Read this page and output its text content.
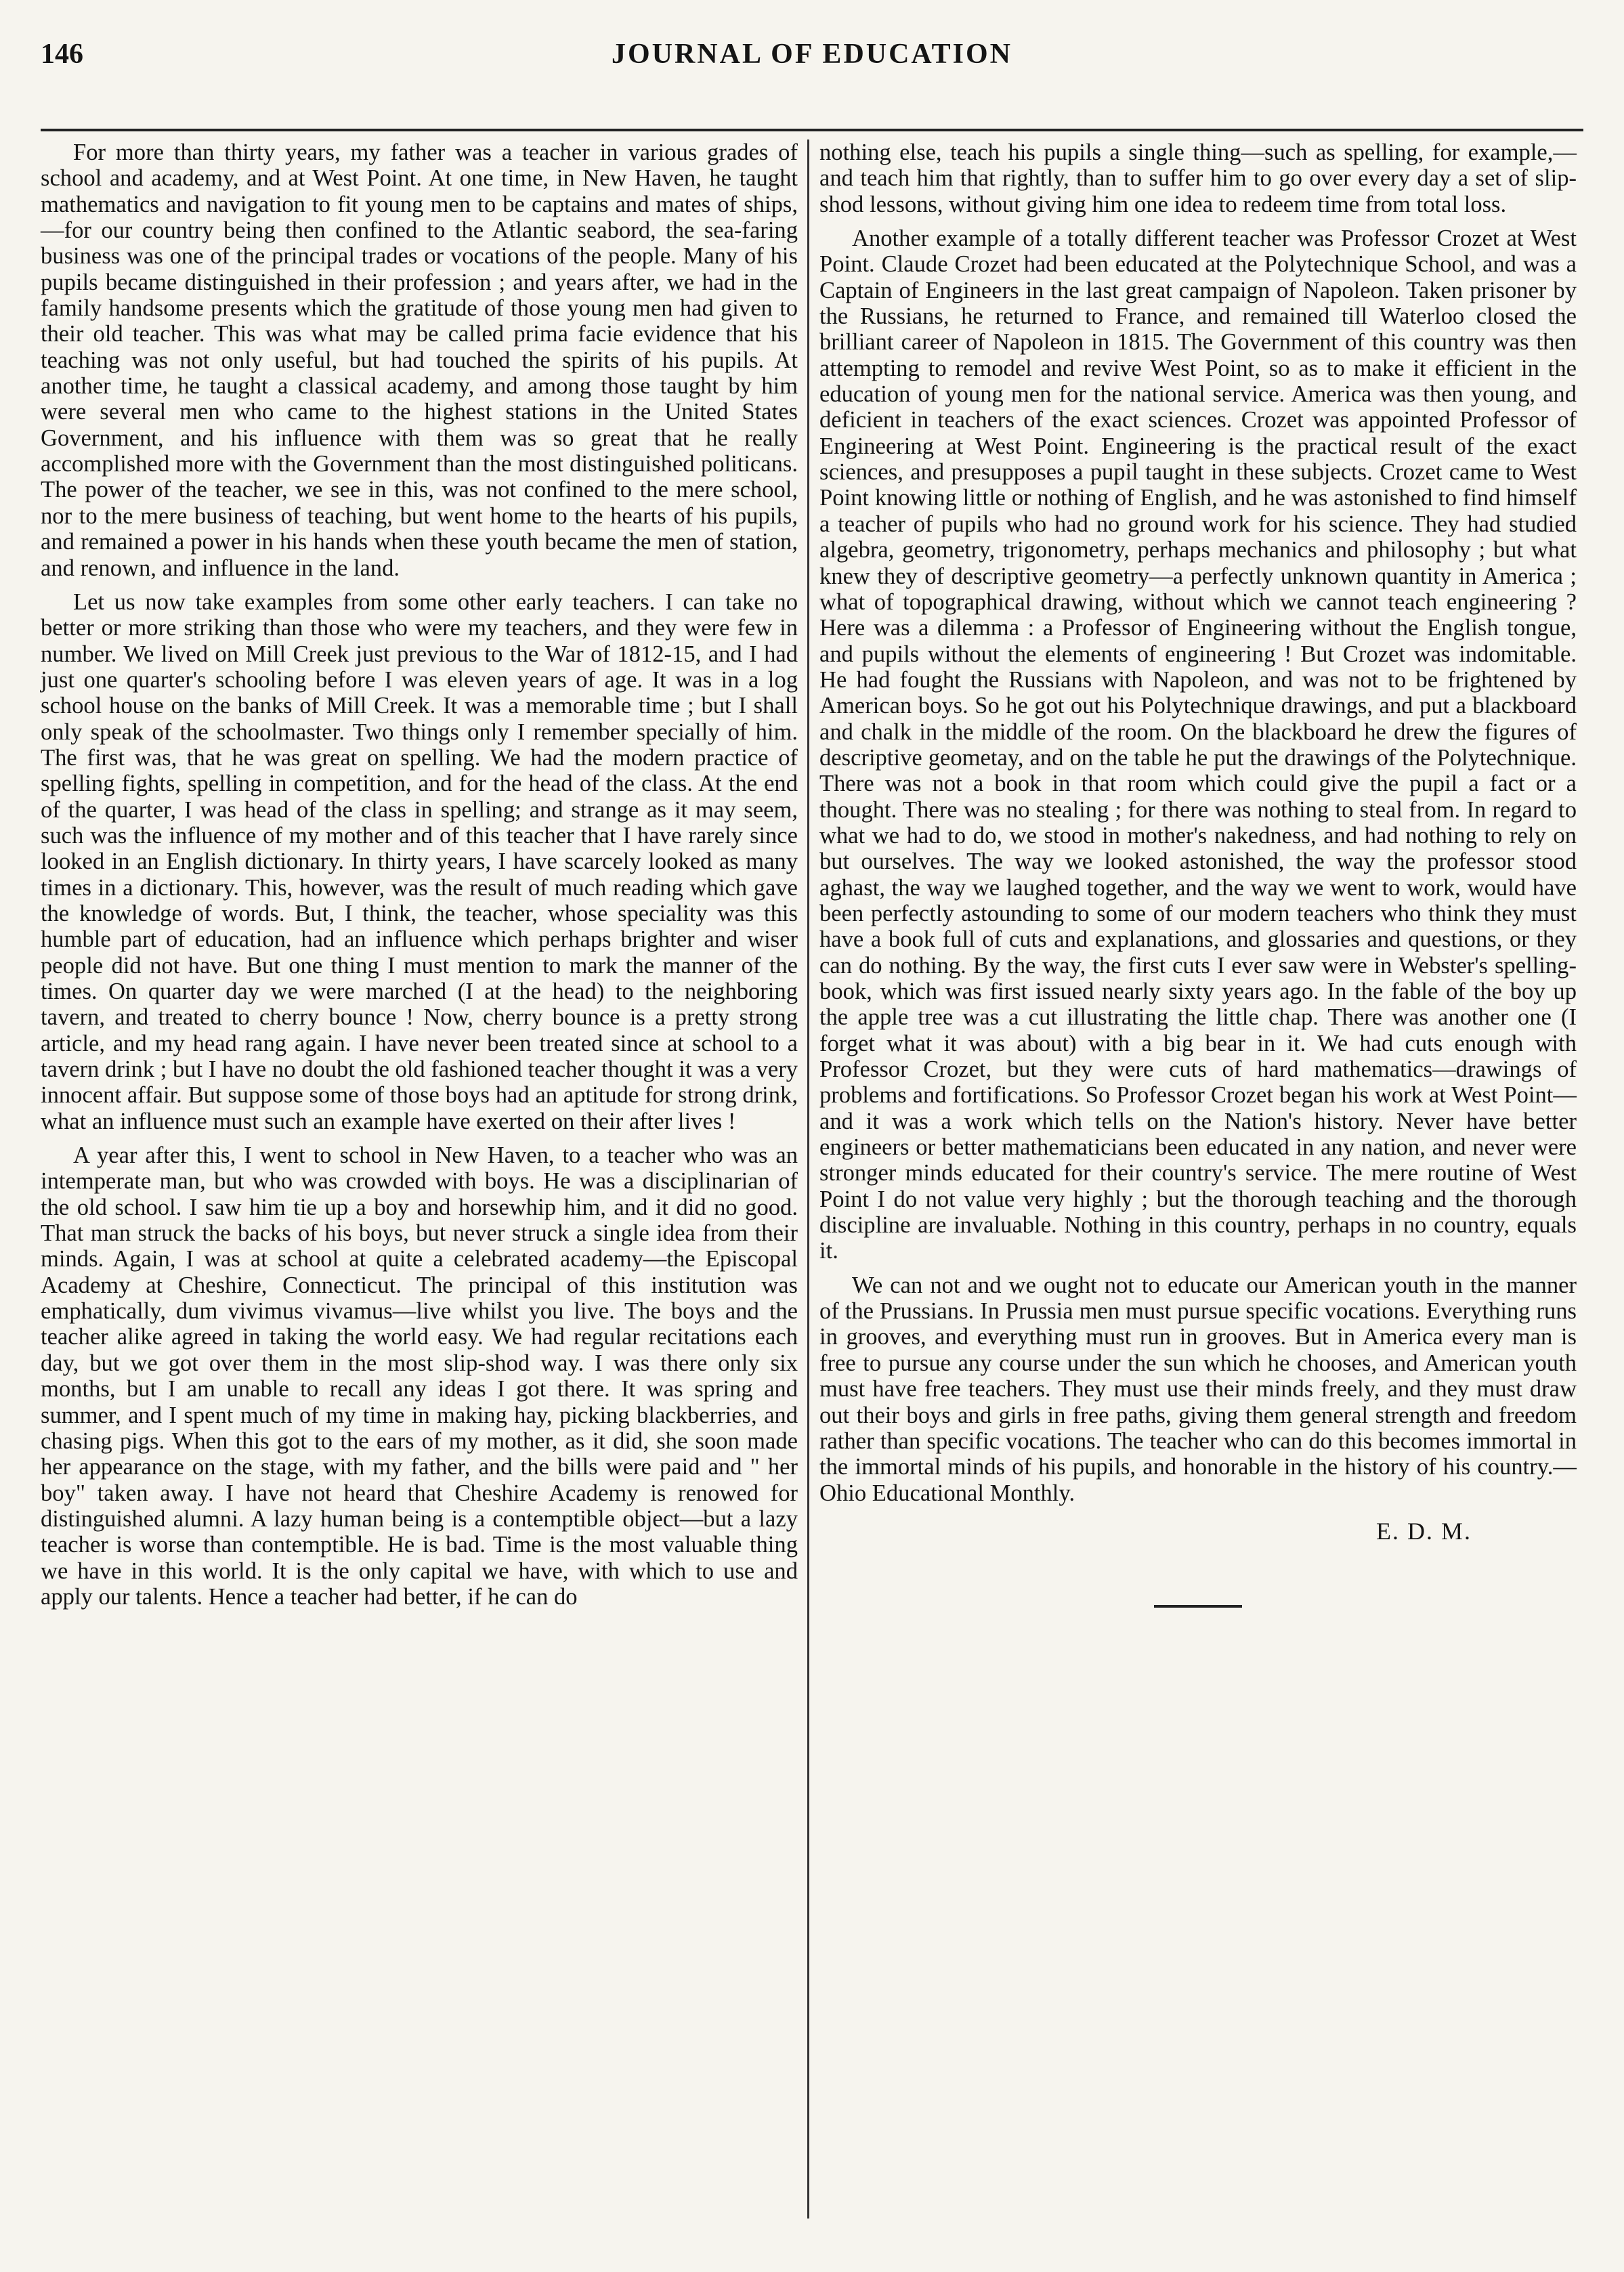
146	JOURNAL OF EDUCATION

For more than thirty years, my father was a teacher in various grades of school and academy, and at West Point. At one time, in New Haven, he taught mathematics and navigation to fit young men to be captains and mates of ships,—for our country being then confined to the Atlantic seabord, the sea-faring business was one of the principal trades or vocations of the people. Many of his pupils became distinguished in their profession ; and years after, we had in the family handsome presents which the gratitude of those young men had given to their old teacher. This was what may be called prima facie evidence that his teaching was not only useful, but had touched the spirits of his pupils. At another time, he taught a classical academy, and among those taught by him were several men who came to the highest stations in the United States Government, and his influence with them was so great that he really accomplished more with the Government than the most distinguished politicans. The power of the teacher, we see in this, was not confined to the mere school, nor to the mere business of teaching, but went home to the hearts of his pupils, and remained a power in his hands when these youth became the men of station, and renown, and influence in the land.

Let us now take examples from some other early teachers. I can take no better or more striking than those who were my teachers, and they were few in number. We lived on Mill Creek just previous to the War of 1812-15, and I had just one quarter's schooling before I was eleven years of age. It was in a log school house on the banks of Mill Creek. It was a memorable time ; but I shall only speak of the schoolmaster. Two things only I remember specially of him. The first was, that he was great on spelling. We had the modern practice of spelling fights, spelling in competition, and for the head of the class. At the end of the quarter, I was head of the class in spelling; and strange as it may seem, such was the influence of my mother and of this teacher that I have rarely since looked in an English dictionary. In thirty years, I have scarcely looked as many times in a dictionary. This, however, was the result of much reading which gave the knowledge of words. But, I think, the teacher, whose speciality was this humble part of education, had an influence which perhaps brighter and wiser people did not have. But one thing I must mention to mark the manner of the times. On quarter day we were marched (I at the head) to the neighboring tavern, and treated to cherry bounce ! Now, cherry bounce is a pretty strong article, and my head rang again. I have never been treated since at school to a tavern drink ; but I have no doubt the old fashioned teacher thought it was a very innocent affair. But suppose some of those boys had an aptitude for strong drink, what an influence must such an example have exerted on their after lives !

A year after this, I went to school in New Haven, to a teacher who was an intemperate man, but who was crowded with boys. He was a disciplinarian of the old school. I saw him tie up a boy and horsewhip him, and it did no good. That man struck the backs of his boys, but never struck a single idea from their minds. Again, I was at school at quite a celebrated academy—the Episcopal Academy at Cheshire, Connecticut. The principal of this institution was emphatically, dum vivimus vivamus—live whilst you live. The boys and the teacher alike agreed in taking the world easy. We had regular recitations each day, but we got over them in the most slip-shod way. I was there only six months, but I am unable to recall any ideas I got there. It was spring and summer, and I spent much of my time in making hay, picking blackberries, and chasing pigs. When this got to the ears of my mother, as it did, she soon made her appearance on the stage, with my father, and the bills were paid and " her boy" taken away. I have not heard that Cheshire Academy is renowed for distinguished alumni. A lazy human being is a contemptible object—but a lazy teacher is worse than contemptible. He is bad. Time is the most valuable thing we have in this world. It is the only capital we have, with which to use and apply our talents. Hence a teacher had better, if he can do

nothing else, teach his pupils a single thing—such as spelling, for example,—and teach him that rightly, than to suffer him to go over every day a set of slip-shod lessons, without giving him one idea to redeem time from total loss.

Another example of a totally different teacher was Professor Crozet at West Point. Claude Crozet had been educated at the Polytechnique School, and was a Captain of Engineers in the last great campaign of Napoleon. Taken prisoner by the Russians, he returned to France, and remained till Waterloo closed the brilliant career of Napoleon in 1815. The Government of this country was then attempting to remodel and revive West Point, so as to make it efficient in the education of young men for the national service. America was then young, and deficient in teachers of the exact sciences. Crozet was appointed Professor of Engineering at West Point. Engineering is the practical result of the exact sciences, and presupposes a pupil taught in these subjects. Crozet came to West Point knowing little or nothing of English, and he was astonished to find himself a teacher of pupils who had no ground work for his science. They had studied algebra, geometry, trigonometry, perhaps mechanics and philosophy ; but what knew they of descriptive geometry—a perfectly unknown quantity in America ; what of topographical drawing, without which we cannot teach engineering ? Here was a dilemma : a Professor of Engineering without the English tongue, and pupils without the elements of engineering ! But Crozet was indomitable. He had fought the Russians with Napoleon, and was not to be frightened by American boys. So he got out his Polytechnique drawings, and put a blackboard and chalk in the middle of the room. On the blackboard he drew the figures of descriptive geometay, and on the table he put the drawings of the Polytechnique. There was not a book in that room which could give the pupil a fact or a thought. There was no stealing ; for there was nothing to steal from. In regard to what we had to do, we stood in mother's nakedness, and had nothing to rely on but ourselves. The way we looked astonished, the way the professor stood aghast, the way we laughed together, and the way we went to work, would have been perfectly astounding to some of our modern teachers who think they must have a book full of cuts and explanations, and glossaries and questions, or they can do nothing. By the way, the first cuts I ever saw were in Webster's spelling-book, which was first issued nearly sixty years ago. In the fable of the boy up the apple tree was a cut illustrating the little chap. There was another one (I forget what it was about) with a big bear in it. We had cuts enough with Professor Crozet, but they were cuts of hard mathematics—drawings of problems and fortifications. So Professor Crozet began his work at West Point—and it was a work which tells on the Nation's history. Never have better engineers or better mathematicians been educated in any nation, and never were stronger minds educated for their country's service. The mere routine of West Point I do not value very highly ; but the thorough teaching and the thorough discipline are invaluable. Nothing in this country, perhaps in no country, equals it.

We can not and we ought not to educate our American youth in the manner of the Prussians. In Prussia men must pursue specific vocations. Everything runs in grooves, and everything must run in grooves. But in America every man is free to pursue any course under the sun which he chooses, and American youth must have free teachers. They must use their minds freely, and they must draw out their boys and girls in free paths, giving them general strength and freedom rather than specific vocations. The teacher who can do this becomes immortal in the immortal minds of his pupils, and honorable in the history of his country.—Ohio Educational Monthly.

E. D. M.
